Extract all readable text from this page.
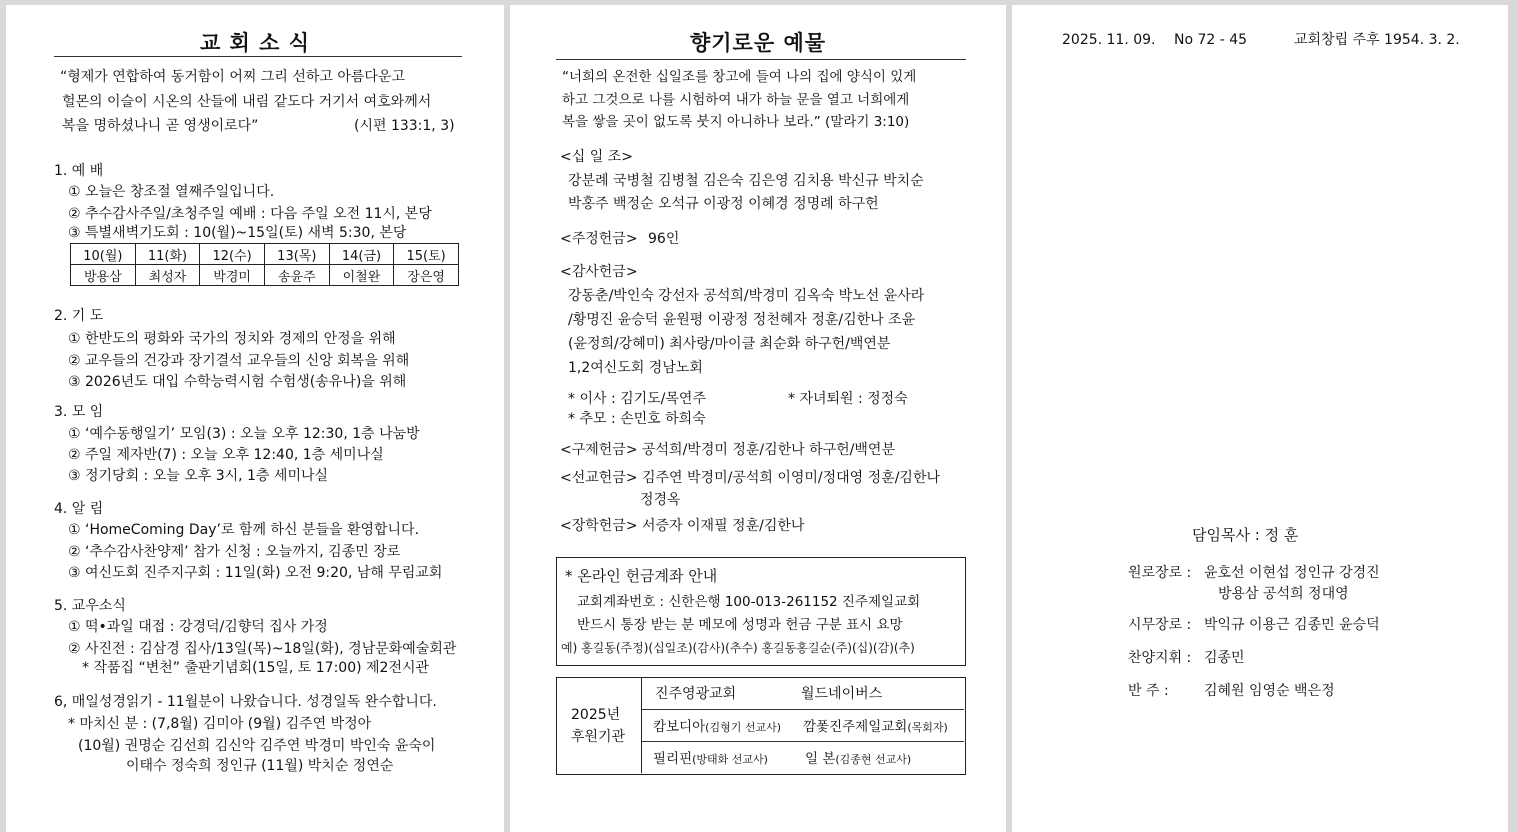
교 회 소 식
“형제가 연합하여 동거함이 어찌 그리 선하고 아름다운고
헐몬의 이슬이 시온의 산들에 내림 같도다 거기서 여호와께서
복을 명하셨나니 곧 영생이로다”	(시편 133:1, 3)
1. 예 배
① 오늘은 창조절 열째주일입니다.
② 추수감사주일/초청주일 예배 : 다음 주일 오전 11시, 본당
③ 특별새벽기도회 : 10(월)~15일(토) 새벽 5:30, 본당
10(월)	11(화)	12(수)	13(목)	14(금)	15(토)
방용삼	최성자	박경미	송윤주	이철완	장은영
2. 기 도
① 한반도의 평화와 국가의 정치와 경제의 안정을 위해
② 교우들의 건강과 장기결석 교우들의 신앙 회복을 위해
③ 2026년도 대입 수학능력시험 수험생(송유나)을 위해
3. 모 임
① ‘예수동행일기’ 모임(3) : 오늘 오후 12:30, 1층 나눔방
② 주일 제자반(7) : 오늘 오후 12:40, 1층 세미나실
③ 정기당회 : 오늘 오후 3시, 1층 세미나실
4. 알 림
① ‘HomeComing Day’로 함께 하신 분들을 환영합니다.
② ‘추수감사찬양제’ 참가 신청 : 오늘까지, 김종민 장로
③ 여신도회 진주지구회 : 11일(화) 오전 9:20, 남해 무림교회
5. 교우소식
① 떡•과일 대접 : 강경덕/김향덕 집사 가정
② 사진전 : 김삼경 집사/13일(목)~18일(화), 경남문화예술회관
* 작품집 “변천” 출판기념회(15일, 토 17:00) 제2전시관
6, 매일성경읽기 - 11월분이 나왔습니다. 성경일독 완수합니다.
* 마치신 분 : (7,8월) 김미아 (9월) 김주연 박정아
(10월) 권명순 김선희 김신악 김주연 박경미 박인숙 윤숙이
이태수 정숙희 정인규 (11월) 박치순 정연순
향기로운 예물
“너희의 온전한 십일조를 창고에 들여 나의 집에 양식이 있게
하고 그것으로 나를 시험하여 내가 하늘 문을 열고 너희에게
복을 쌓을 곳이 없도록 붓지 아니하나 보라.” (말라기 3:10)
<십 일 조>
강분례 국병철 김병철 김은숙 김은영 김치용 박신규 박치순
박홍주 백정순 오석규 이광정 이혜경 정명례 하구헌
<주정헌금> 96인
<감사헌금>
강동춘/박인숙 강선자 공석희/박경미 김옥숙 박노선 윤사라
/황명진 윤승덕 윤원평 이광정 정천혜자 정훈/김한나 조윤
(윤정희/강혜미) 최사랑/마이클 최순화 하구헌/백연분
1,2여신도회 경남노회
* 이사 : 김기도/목연주	* 자녀퇴원 : 정정숙
* 추모 : 손민호 하희숙
<구제헌금> 공석희/박경미 정훈/김한나 하구헌/백연분
<선교헌금> 김주연 박경미/공석희 이영미/정대영 정훈/김한나
정경옥
<장학헌금> 서증자 이재필 정훈/김한나
* 온라인 헌금계좌 안내
교회계좌번호 : 신한은행 100-013-261152 진주제일교회
반드시 통장 받는 분 메모에 성명과 헌금 구분 표시 요망
예) 홍길동(주정)(십일조)(감사)(추수) 홍길동홍길순(주)(십)(감)(추)
2025년
후원기관
진주영광교회	월드네이버스
캄보디아(김형기 선교사) 깜퐃진주제일교회(목회자)
필리핀(방태화 선교사)	일 본(김종현 선교사)
2025. 11. 09. No 72 - 45	교회창립 주후 1954. 3. 2.
담임목사 : 정 훈
원로장로 : 윤호선 이현섭 정인규 강경진
방용삼 공석희 정대영
시무장로 : 박익규 이용근 김종민 윤승덕
찬양지휘 : 김종민
반 주 :	김혜원 임영순 백은정
